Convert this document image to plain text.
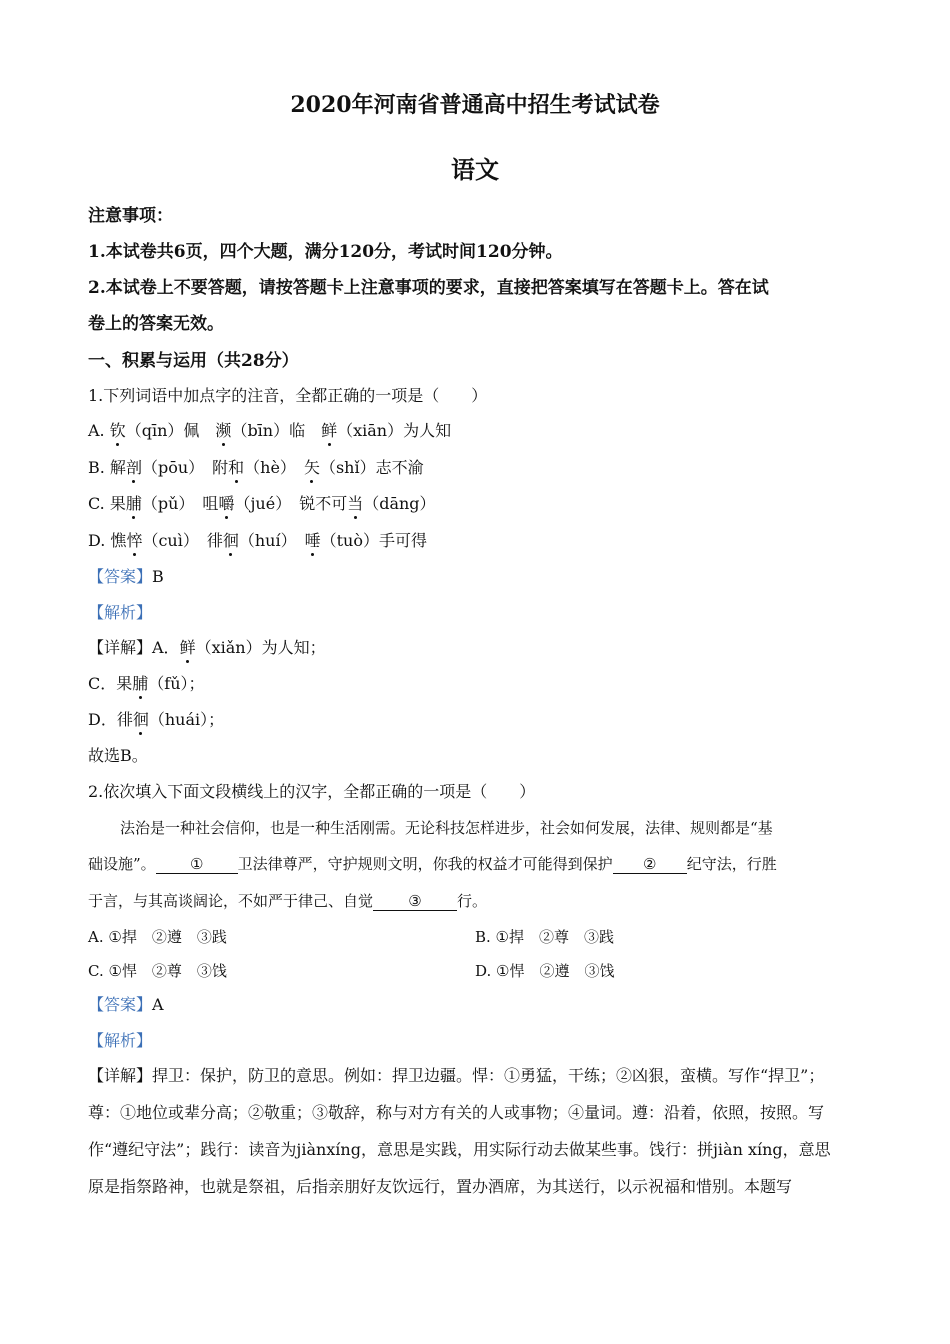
2020年河南省普通高中招生考试试卷
语文
注意事项：
1.本试卷共6页，四个大题，满分120分，考试时间120分钟。
2.本试卷上不要答题，请按答题卡上注意事项的要求，直接把答案填写在答题卡上。答在试
卷上的答案无效。
一、积累与运用（共28分）
1.下列词语中加点字的注音，全都正确的一项是（　　）
A. 钦（qīn）佩　濒（bīn）临　鲜（xiān）为人知
B. 解剖（pōu）　附和（hè）　矢（shǐ）志不渝
C. 果脯（pǔ）　咀嚼（jué）　锐不可当（dāng）
D. 憔悴（cuì）　徘徊（huí）　唾（tuò）手可得
【答案】B
【解析】
【详解】A．鲜（xiǎn）为人知；
C．果脯（fǔ）；
D．徘徊（huái）；
故选B。
2.依次填入下面文段横线上的汉字，全都正确的一项是（　　）
法治是一种社会信仰，也是一种生活刚需。无论科技怎样进步，社会如何发展，法律、规则都是“基
础设施”。 ① 卫法律尊严，守护规则文明，你我的权益才可能得到保护 ② 纪守法，行胜
于言，与其高谈阔论，不如严于律己、自觉 ③ 行。
A. ①捍　②遵　③践	B. ①捍　②尊　③践
C. ①悍　②尊　③饯	D. ①悍　②遵　③饯
【答案】A
【解析】
【详解】捍卫：保护，防卫的意思。例如：捍卫边疆。悍：①勇猛，干练；②凶狠，蛮横。写作“捍卫”；
尊：①地位或辈分高；②敬重；③敬辞，称与对方有关的人或事物；④量词。遵：沿着，依照，按照。写
作“遵纪守法”；践行：读音为jiànxíng，意思是实践，用实际行动去做某些事。饯行：拼jiàn xíng，意思
原是指祭路神，也就是祭祖，后指亲朋好友饮远行，置办酒席，为其送行，以示祝福和惜别。本题写
